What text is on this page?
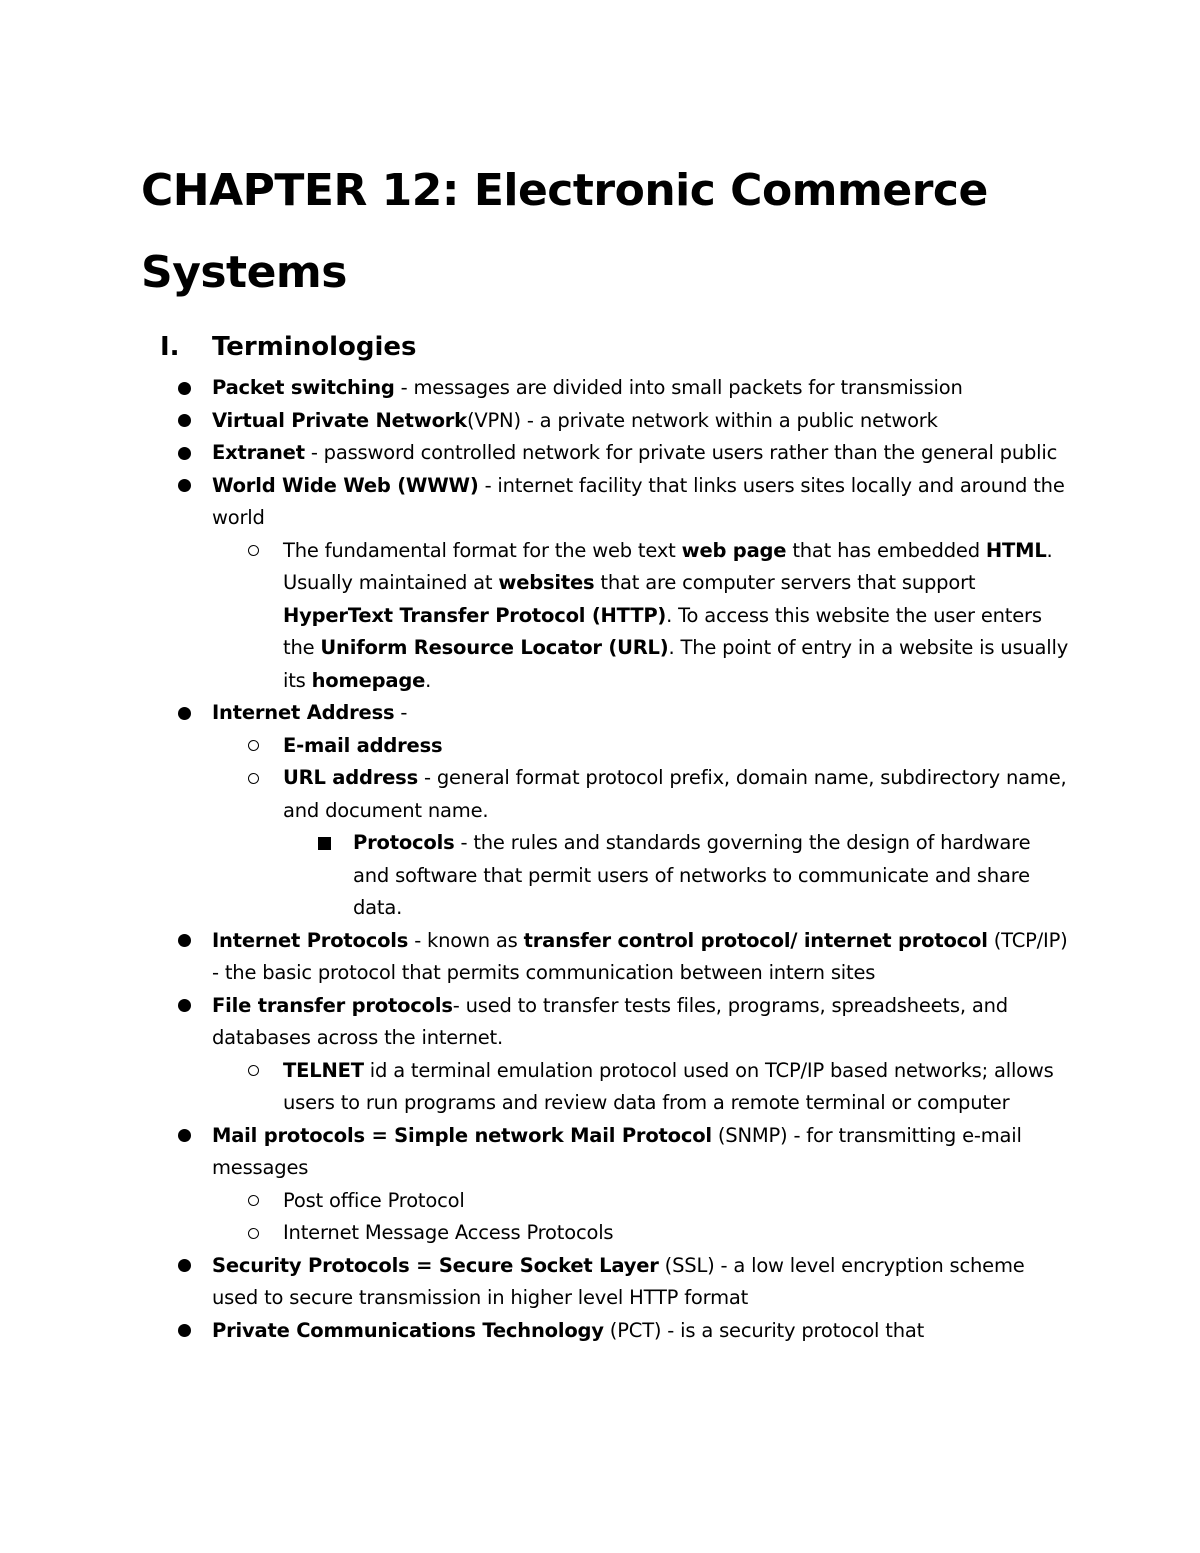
CHAPTER 12: Electronic Commerce Systems
I. Terminologies
Packet switching - messages are divided into small packets for transmission
Virtual Private Network(VPN) - a private network within a public network
Extranet - password controlled network for private users rather than the general public
World Wide Web (WWW) - internet facility that links users sites locally and around the world
The fundamental format for the web text web page that has embedded HTML. Usually maintained at websites that are computer servers that support HyperText Transfer Protocol (HTTP). To access this website the user enters the Uniform Resource Locator (URL). The point of entry in a website is usually its homepage.
Internet Address -
E-mail address
URL address - general format protocol prefix, domain name, subdirectory name, and document name.
Protocols - the rules and standards governing the design of hardware and software that permit users of networks to communicate and share data.
Internet Protocols - known as transfer control protocol/ internet protocol (TCP/IP) - the basic protocol that permits communication between intern sites
File transfer protocols- used to transfer tests files, programs, spreadsheets, and databases across the internet.
TELNET id a terminal emulation protocol used on TCP/IP based networks; allows users to run programs and review data from a remote terminal or computer
Mail protocols = Simple network Mail Protocol (SNMP) - for transmitting e-mail messages
Post office Protocol
Internet Message Access Protocols
Security Protocols = Secure Socket Layer (SSL) - a low level encryption scheme used to secure transmission in higher level HTTP format
Private Communications Technology (PCT) - is a security protocol that
